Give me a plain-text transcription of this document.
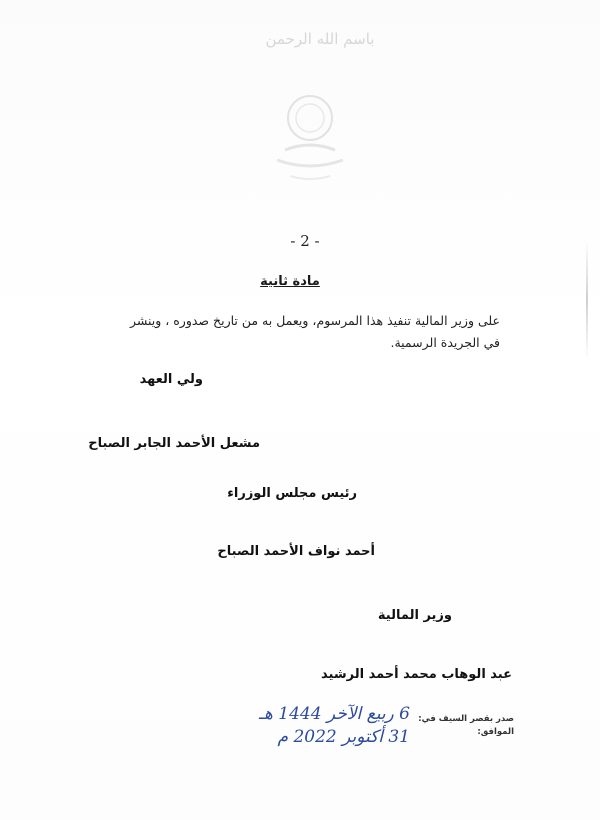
باسم الله الرحمن
- 2 -
مادة ثانية
على وزير المالية تنفيذ هذا المرسوم، ويعمل به من تاريخ صدوره ، وينشر في الجريدة الرسمية.
ولي العهد
مشعل الأحمد الجابر الصباح
رئيس مجلس الوزراء
أحمد نواف الأحمد الصباح
وزير المالية
عبد الوهاب محمد أحمد الرشيد
صدر بقصر السيف في:
الموافق:
6 ربيع الآخر 1444 هـ
31 أكتوبر 2022 م
